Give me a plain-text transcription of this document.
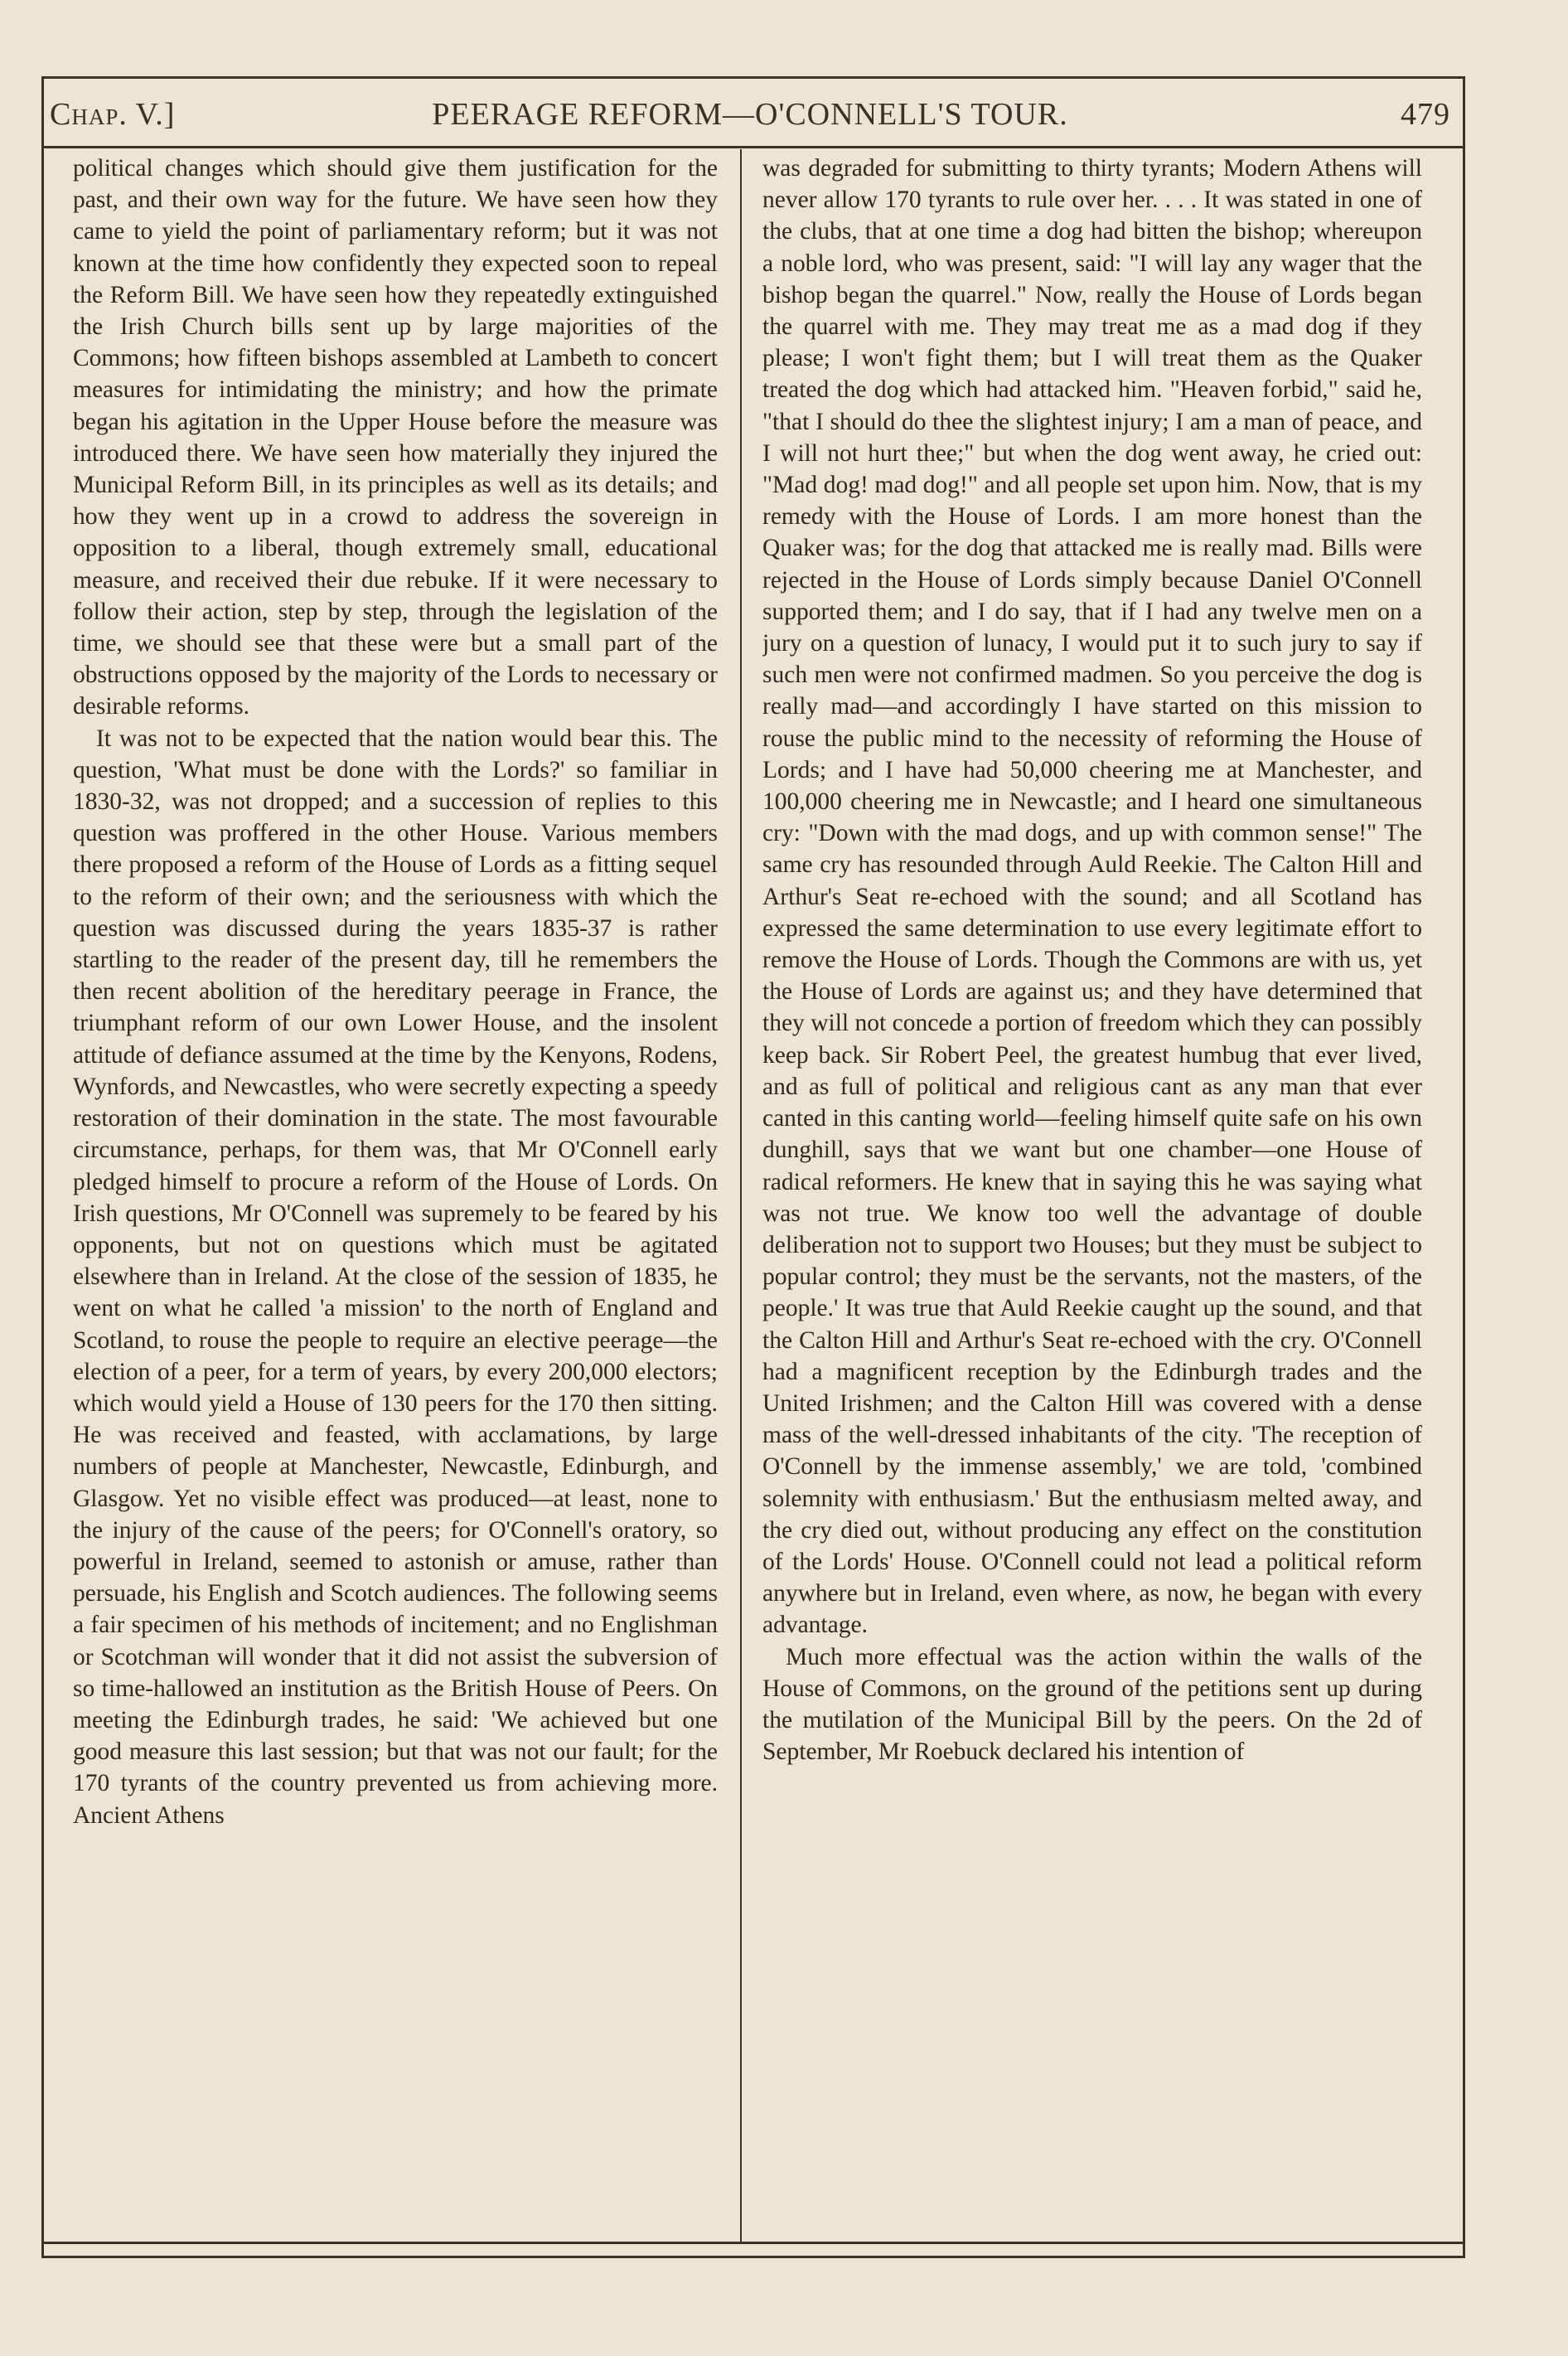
Chap. V.]	PEERAGE REFORM—O'CONNELL'S TOUR.	479

political changes which should give them justification for the past, and their own way for the future. We have seen how they came to yield the point of parliamentary reform; but it was not known at the time how confidently they expected soon to repeal the Reform Bill. We have seen how they repeatedly extinguished the Irish Church bills sent up by large majorities of the Commons; how fifteen bishops assembled at Lambeth to concert measures for intimidating the ministry; and how the primate began his agitation in the Upper House before the measure was introduced there. We have seen how materially they injured the Municipal Reform Bill, in its principles as well as its details; and how they went up in a crowd to address the sovereign in opposition to a liberal, though extremely small, educational measure, and received their due rebuke. If it were necessary to follow their action, step by step, through the legislation of the time, we should see that these were but a small part of the obstructions opposed by the majority of the Lords to necessary or desirable reforms.

It was not to be expected that the nation would bear this. The question, 'What must be done with the Lords?' so familiar in 1830-32, was not dropped; and a succession of replies to this question was proffered in the other House. Various members there proposed a reform of the House of Lords as a fitting sequel to the reform of their own; and the seriousness with which the question was discussed during the years 1835-37 is rather startling to the reader of the present day, till he remembers the then recent abolition of the hereditary peerage in France, the triumphant reform of our own Lower House, and the insolent attitude of defiance assumed at the time by the Kenyons, Rodens, Wynfords, and Newcastles, who were secretly expecting a speedy restoration of their domination in the state. The most favourable circumstance, perhaps, for them was, that Mr O'Connell early pledged himself to procure a reform of the House of Lords. On Irish questions, Mr O'Connell was supremely to be feared by his opponents, but not on questions which must be agitated elsewhere than in Ireland. At the close of the session of 1835, he went on what he called 'a mission' to the north of England and Scotland, to rouse the people to require an elective peerage—the election of a peer, for a term of years, by every 200,000 electors; which would yield a House of 130 peers for the 170 then sitting. He was received and feasted, with acclamations, by large numbers of people at Manchester, Newcastle, Edinburgh, and Glasgow. Yet no visible effect was produced—at least, none to the injury of the cause of the peers; for O'Connell's oratory, so powerful in Ireland, seemed to astonish or amuse, rather than persuade, his English and Scotch audiences. The following seems a fair specimen of his methods of incitement; and no Englishman or Scotchman will wonder that it did not assist the subversion of so time-hallowed an institution as the British House of Peers. On meeting the Edinburgh trades, he said: 'We achieved but one good measure this last session; but that was not our fault; for the 170 tyrants of the country prevented us from achieving more. Ancient Athens

was degraded for submitting to thirty tyrants; Modern Athens will never allow 170 tyrants to rule over her. . . . It was stated in one of the clubs, that at one time a dog had bitten the bishop; whereupon a noble lord, who was present, said: "I will lay any wager that the bishop began the quarrel." Now, really the House of Lords began the quarrel with me. They may treat me as a mad dog if they please; I won't fight them; but I will treat them as the Quaker treated the dog which had attacked him. "Heaven forbid," said he, "that I should do thee the slightest injury; I am a man of peace, and I will not hurt thee;" but when the dog went away, he cried out: "Mad dog! mad dog!" and all people set upon him. Now, that is my remedy with the House of Lords. I am more honest than the Quaker was; for the dog that attacked me is really mad. Bills were rejected in the House of Lords simply because Daniel O'Connell supported them; and I do say, that if I had any twelve men on a jury on a question of lunacy, I would put it to such jury to say if such men were not confirmed madmen. So you perceive the dog is really mad—and accordingly I have started on this mission to rouse the public mind to the necessity of reforming the House of Lords; and I have had 50,000 cheering me at Manchester, and 100,000 cheering me in Newcastle; and I heard one simultaneous cry: "Down with the mad dogs, and up with common sense!" The same cry has resounded through Auld Reekie. The Calton Hill and Arthur's Seat re-echoed with the sound; and all Scotland has expressed the same determination to use every legitimate effort to remove the House of Lords. Though the Commons are with us, yet the House of Lords are against us; and they have determined that they will not concede a portion of freedom which they can possibly keep back. Sir Robert Peel, the greatest humbug that ever lived, and as full of political and religious cant as any man that ever canted in this canting world—feeling himself quite safe on his own dunghill, says that we want but one chamber—one House of radical reformers. He knew that in saying this he was saying what was not true. We know too well the advantage of double deliberation not to support two Houses; but they must be subject to popular control; they must be the servants, not the masters, of the people.' It was true that Auld Reekie caught up the sound, and that the Calton Hill and Arthur's Seat re-echoed with the cry. O'Connell had a magnificent reception by the Edinburgh trades and the United Irishmen; and the Calton Hill was covered with a dense mass of the well-dressed inhabitants of the city. 'The reception of O'Connell by the immense assembly,' we are told, 'combined solemnity with enthusiasm.' But the enthusiasm melted away, and the cry died out, without producing any effect on the constitution of the Lords' House. O'Connell could not lead a political reform anywhere but in Ireland, even where, as now, he began with every advantage.

Much more effectual was the action within the walls of the House of Commons, on the ground of the petitions sent up during the mutilation of the Municipal Bill by the peers. On the 2d of September, Mr Roebuck declared his intention of
